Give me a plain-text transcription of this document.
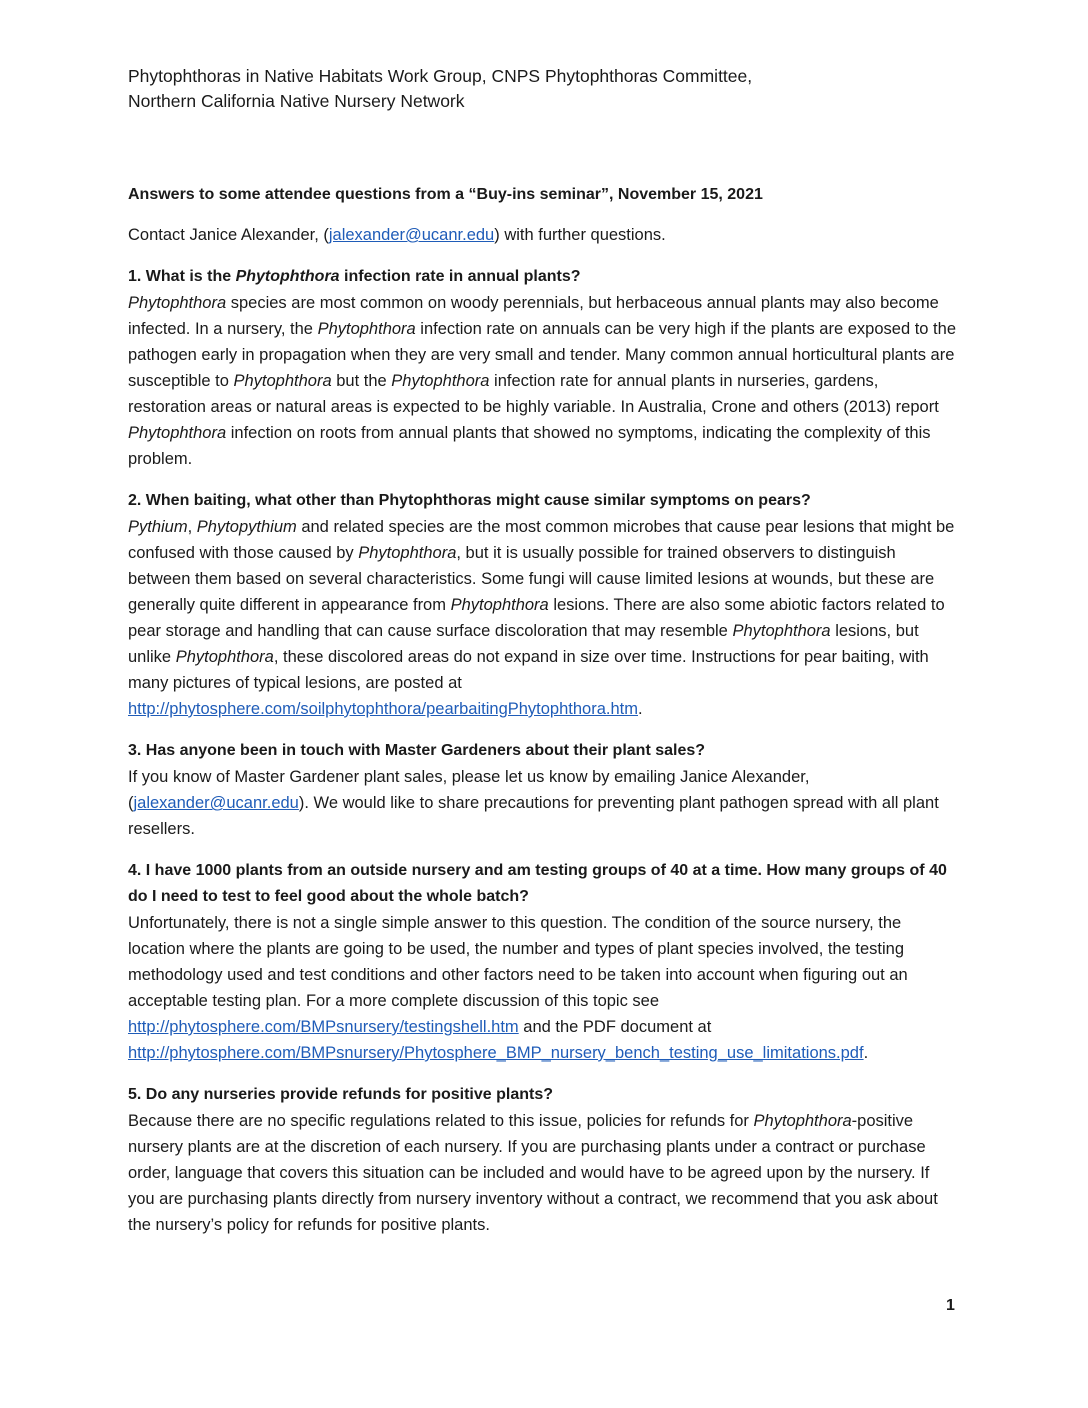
Phytophthoras in Native Habitats Work Group, CNPS Phytophthoras Committee,

Northern California Native Nursery Network

Answers to some attendee questions from a “Buy-ins seminar”, November 15, 2021

Contact Janice Alexander, (jalexander@ucanr.edu) with further questions.

1. What is the Phytophthora infection rate in annual plants?

Phytophthora species are most common on woody perennials, but herbaceous annual plants may also become infected. In a nursery, the Phytophthora infection rate on annuals can be very high if the plants are exposed to the pathogen early in propagation when they are very small and tender. Many common annual horticultural plants are susceptible to Phytophthora but the Phytophthora infection rate for annual plants in nurseries, gardens, restoration areas or natural areas is expected to be highly variable. In Australia, Crone and others (2013) report Phytophthora infection on roots from annual plants that showed no symptoms, indicating the complexity of this problem.

2. When baiting, what other than Phytophthoras might cause similar symptoms on pears?

Pythium, Phytopythium and related species are the most common microbes that cause pear lesions that might be confused with those caused by Phytophthora, but it is usually possible for trained observers to distinguish between them based on several characteristics. Some fungi will cause limited lesions at wounds, but these are generally quite different in appearance from Phytophthora lesions. There are also some abiotic factors related to pear storage and handling that can cause surface discoloration that may resemble Phytophthora lesions, but unlike Phytophthora, these discolored areas do not expand in size over time. Instructions for pear baiting, with many pictures of typical lesions, are posted at http://phytosphere.com/soilphytophthora/pearbaitingPhytophthora.htm.

3. Has anyone been in touch with Master Gardeners about their plant sales?

If you know of Master Gardener plant sales, please let us know by emailing Janice Alexander, (jalexander@ucanr.edu). We would like to share precautions for preventing plant pathogen spread with all plant resellers.

4. I have 1000 plants from an outside nursery and am testing groups of 40 at a time. How many groups of 40 do I need to test to feel good about the whole batch?

Unfortunately, there is not a single simple answer to this question. The condition of the source nursery, the location where the plants are going to be used, the number and types of plant species involved, the testing methodology used and test conditions and other factors need to be taken into account when figuring out an acceptable testing plan. For a more complete discussion of this topic see http://phytosphere.com/BMPsnursery/testingshell.htm and the PDF document at http://phytosphere.com/BMPsnursery/Phytosphere_BMP_nursery_bench_testing_use_limitations.pdf.

5. Do any nurseries provide refunds for positive plants?

Because there are no specific regulations related to this issue, policies for refunds for Phytophthora-positive nursery plants are at the discretion of each nursery. If you are purchasing plants under a contract or purchase order, language that covers this situation can be included and would have to be agreed upon by the nursery. If you are purchasing plants directly from nursery inventory without a contract, we recommend that you ask about the nursery’s policy for refunds for positive plants.

1
